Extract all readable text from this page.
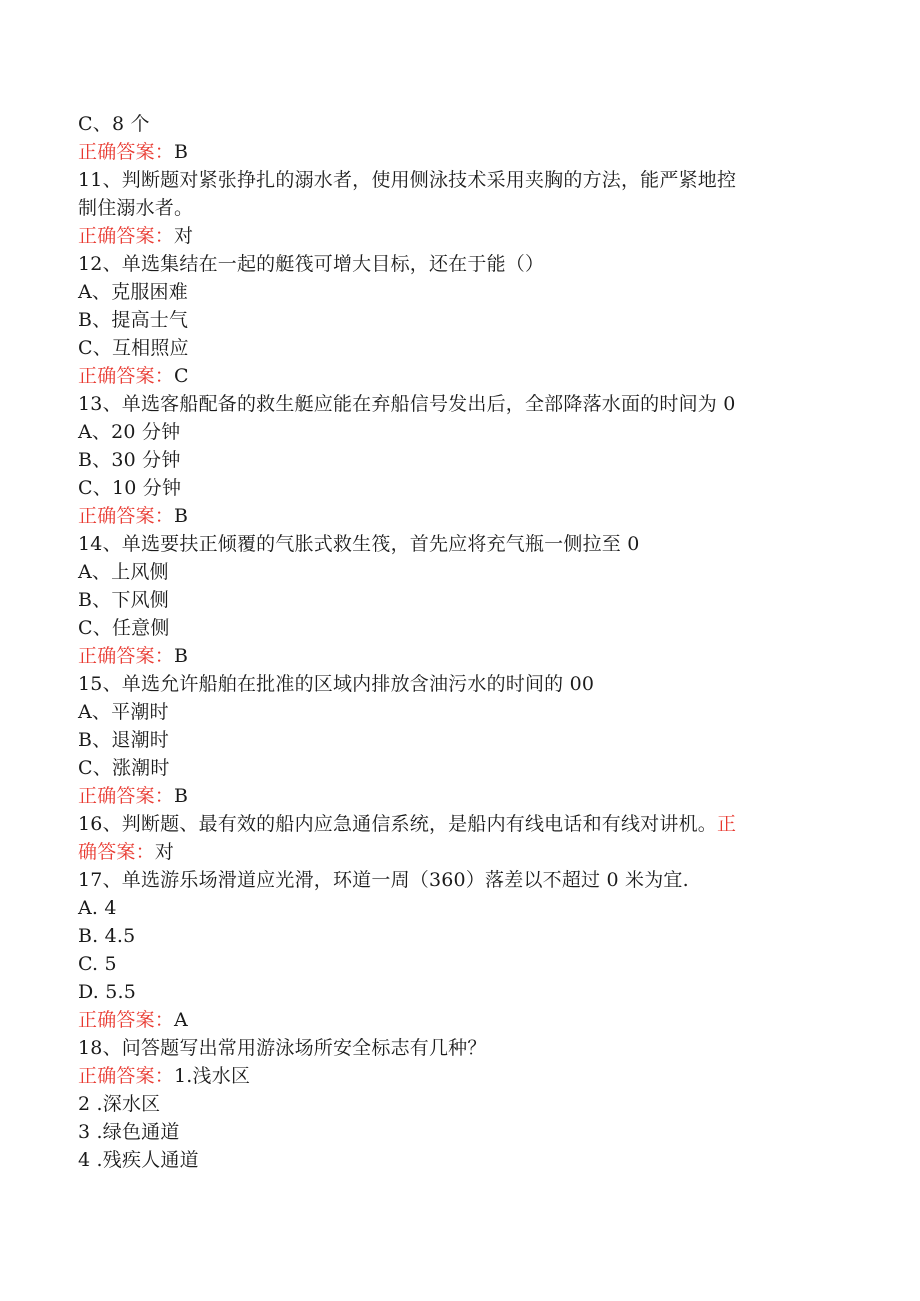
C、8 个
正确答案：B
11、判断题对紧张挣扎的溺水者，使用侧泳技术采用夹胸的方法，能严紧地控
制住溺水者。
正确答案：对
12、单选集结在一起的艇筏可增大目标，还在于能（）
A、克服困难
B、提高士气
C、互相照应
正确答案：C
13、单选客船配备的救生艇应能在弃船信号发出后，全部降落水面的时间为 0
A、20 分钟
B、30 分钟
C、10 分钟
正确答案：B
14、单选要扶正倾覆的气胀式救生筏，首先应将充气瓶一侧拉至 0
A、上风侧
B、下风侧
C、任意侧
正确答案：B
15、单选允许船舶在批准的区域内排放含油污水的时间的 00
A、平潮时
B、退潮时
C、涨潮时
正确答案：B
16、判断题、最有效的船内应急通信系统，是船内有线电话和有线对讲机。正
确答案：对
17、单选游乐场滑道应光滑，环道一周（360）落差以不超过 0 米为宜.
A. 4
B. 4.5
C. 5
D. 5.5
正确答案：A
18、问答题写出常用游泳场所安全标志有几种？
正确答案：1.浅水区
2 .深水区
3 .绿色通道
4 .残疾人通道
